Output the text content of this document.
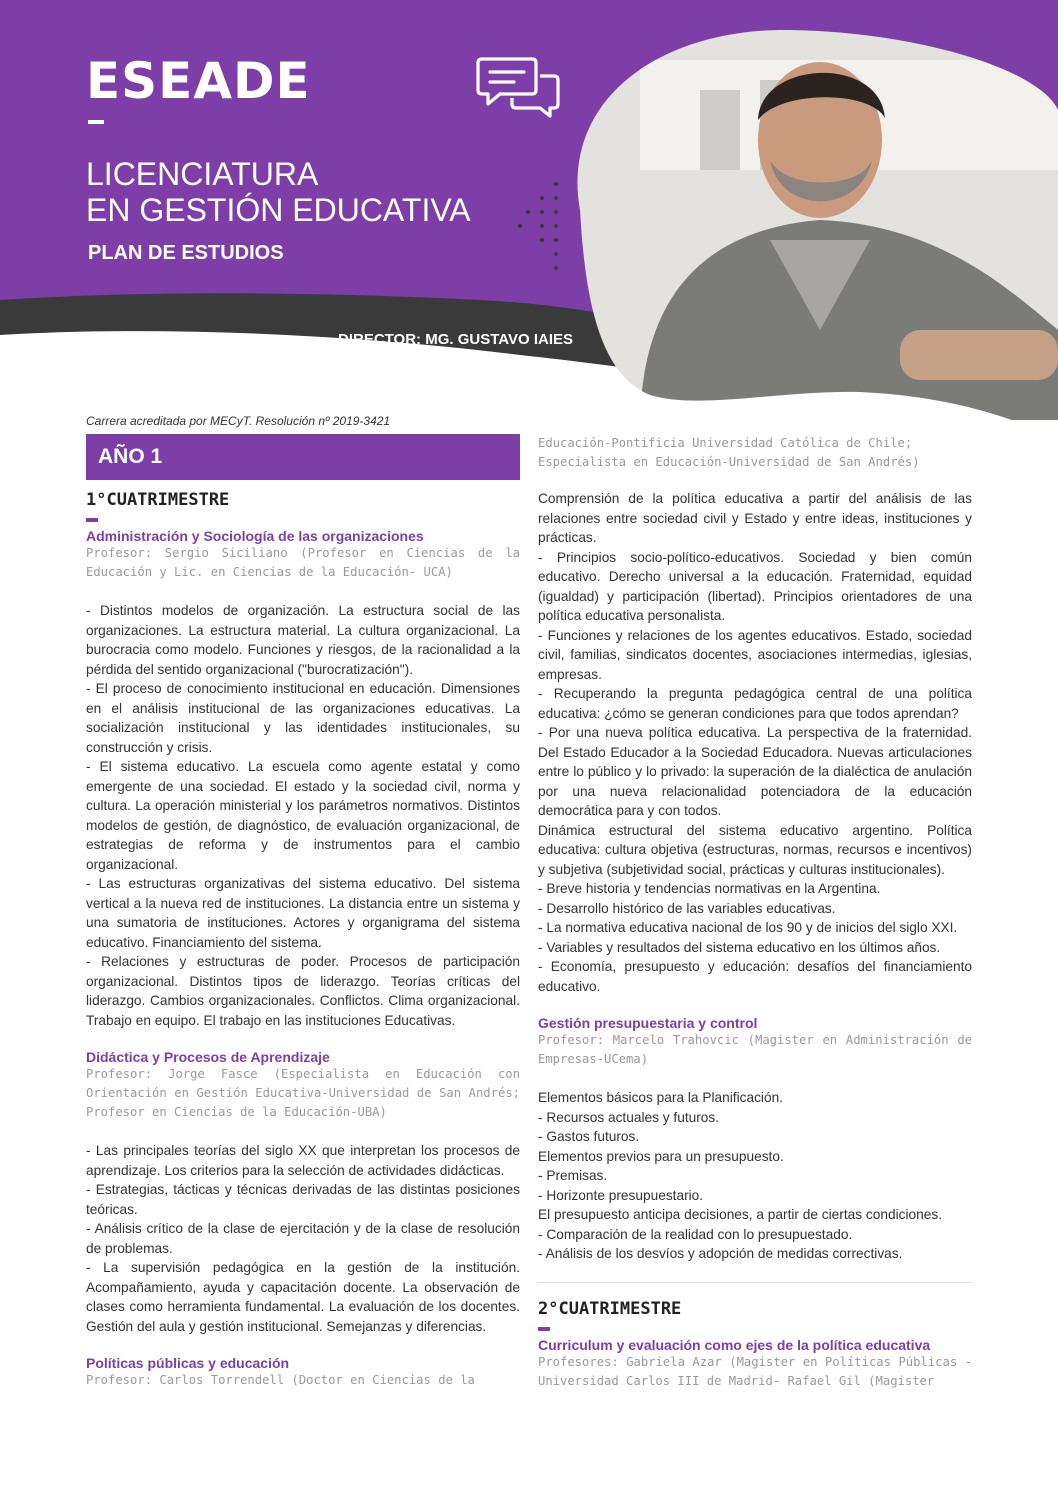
ESEADE
LICENCIATURA
EN GESTIÓN EDUCATIVA
PLAN DE ESTUDIOS

DIRECTOR: MG. GUSTAVO IAIES

Carrera acreditada por MECyT. Resolución nº 2019-3421

AÑO 1
1°CUATRIMESTRE
Administración y Sociología de las organizaciones
Profesor: Sergio Siciliano (Profesor en Ciencias de la Educación y Lic. en Ciencias de la Educación- UCA)

- Distintos modelos de organización. La estructura social de las organizaciones. La estructura material. La cultura organizacional. La burocracia como modelo. Funciones y riesgos, de la racionalidad a la pérdida del sentido organizacional ("burocratización").

- El proceso de conocimiento institucional en educación. Dimensiones en el análisis institucional de las organizaciones educativas. La socialización institucional y las identidades institucionales, su construcción y crisis.

- El sistema educativo. La escuela como agente estatal y como emergente de una sociedad. El estado y la sociedad civil, norma y cultura. La operación ministerial y los parámetros normativos. Distintos modelos de gestión, de diagnóstico, de evaluación organizacional, de estrategias de reforma y de instrumentos para el cambio organizacional.

- Las estructuras organizativas del sistema educativo. Del sistema vertical a la nueva red de instituciones. La distancia entre un sistema y una sumatoria de instituciones. Actores y organigrama del sistema educativo. Financiamiento del sistema.

- Relaciones y estructuras de poder. Procesos de participación organizacional. Distintos tipos de liderazgo. Teorías críticas del liderazgo. Cambios organizacionales. Conflictos. Clima organizacional. Trabajo en equipo. El trabajo en las instituciones Educativas.

Didáctica y Procesos de Aprendizaje
Profesor: Jorge Fasce (Especialista en Educación con Orientación en Gestión Educativa-Universidad de San Andrés; Profesor en Ciencias de la Educación-UBA)

- Las principales teorías del siglo XX que interpretan los procesos de aprendizaje. Los criterios para la selección de actividades didácticas.

- Estrategias, tácticas y técnicas derivadas de las distintas posiciones teóricas.

- Análisis crítico de la clase de ejercitación y de la clase de resolución de problemas.

- La supervisión pedagógica en la gestión de la institución. Acompañamiento, ayuda y capacitación docente. La observación de clases como herramienta fundamental. La evaluación de los docentes. Gestión del aula y gestión institucional. Semejanzas y diferencias.

Políticas públicas y educación
Profesor: Carlos Torrendell (Doctor en Ciencias de la
Educación-Pontificia Universidad Católica de Chile; Especialista en Educación-Universidad de San Andrés)

Comprensión de la política educativa a partir del análisis de las relaciones entre sociedad civil y Estado y entre ideas, instituciones y prácticas.

- Principios socio-político-educativos. Sociedad y bien común educativo. Derecho universal a la educación. Fraternidad, equidad (igualdad) y participación (libertad). Principios orientadores de una política educativa personalista.

- Funciones y relaciones de los agentes educativos. Estado, sociedad civil, familias, sindicatos docentes, asociaciones intermedias, iglesias, empresas.

- Recuperando la pregunta pedagógica central de una política educativa: ¿cómo se generan condiciones para que todos aprendan?

- Por una nueva política educativa. La perspectiva de la fraternidad. Del Estado Educador a la Sociedad Educadora. Nuevas articulaciones entre lo público y lo privado: la superación de la dialéctica de anulación por una nueva relacionalidad potenciadora de la educación democrática para y con todos.

Dinámica estructural del sistema educativo argentino. Política educativa: cultura objetiva (estructuras, normas, recursos e incentivos) y subjetiva (subjetividad social, prácticas y culturas institucionales).

- Breve historia y tendencias normativas en la Argentina.

- Desarrollo histórico de las variables educativas.

- La normativa educativa nacional de los 90 y de inicios del siglo XXI.

- Variables y resultados del sistema educativo en los últimos años.

- Economía, presupuesto y educación: desafíos del financiamiento educativo.

Gestión presupuestaria y control
Profesor: Marcelo Trahovcic (Magister en Administración de Empresas-UCema)

Elementos básicos para la Planificación.

- Recursos actuales y futuros.

- Gastos futuros.

Elementos previos para un presupuesto.

- Premisas.

- Horizonte presupuestario.

El presupuesto anticipa decisiones, a partir de ciertas condiciones.

- Comparación de la realidad con lo presupuestado.

- Análisis de los desvíos y adopción de medidas correctivas.

2°CUATRIMESTRE
Curriculum y evaluación como ejes de la política educativa
Profesores: Gabriela Azar (Magister en Políticas Públicas -Universidad Carlos III de Madrid- Rafael Gil (Magister
